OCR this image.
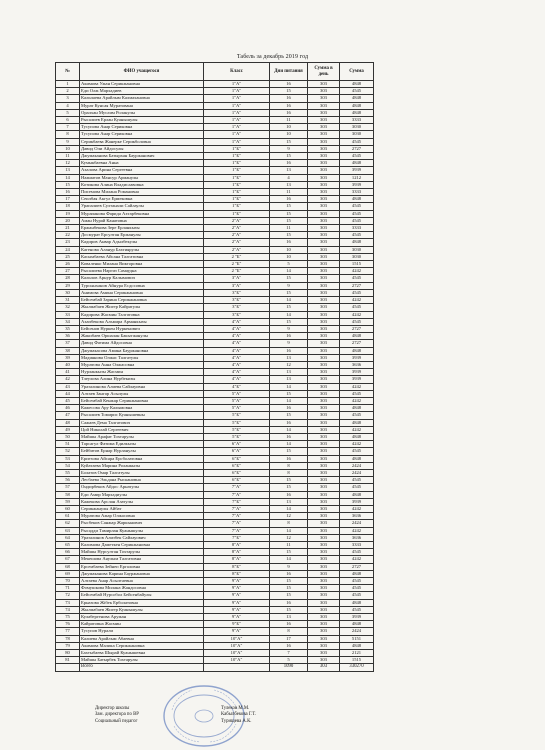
Табель за декабрь 2019 год
№	ФИО учащегося	Класс	Дни питания	Сумма в день	Сумма
1	Акимова Ужан Серикжановна	1"А"	16	303	4848
2	Еди Олж Мархадиев	1"А"	15	303	4545
3	Кальпаева Арайлым Калмахановна	1"А"	16	303	4848
4	Мурат Кунсая Муратована	1"А"	16	303	4848
5	Оралхан Муслим Роланулы	1"А"	16	303	4848
6	Рысалиев Ерлан Куанышулы	1"А"	11	303	3333
7	Тусупова Анар Сериковна	1"А"	10	303	3030
8	Тусупова Анар Сериковна	1"А"	10	303	3030
9	Серикбаева Жанерке Серикболовна	1"А"	15	303	4545
10	Давид Оли Айдосулы	1"Б"	9	303	2727
11	Джумаканова Батырхан Бауржанович	1"Б"	15	303	4545
12	Кумыкбаевна Анна	1"Б"	16	303	4848
13	Ахалова Арина Сергеевна	1"Б"	13	303	3939
14	Нажиатов Мансур Арманулы	1"Б"	4	303	1212
15	Котикова Алина Владиславовна	1"Б"	13	303	3939
16	Писемова Милана Романовна	1"Б"	11	303	3333
17	Сеилбая Акгул Ермековна	1"Б"	16	303	4848
18	Урапалиев Султанали Сайлаулы	1"Б"	15	303	4545
19	Мурапанова Фарида Ахтарбековна	1"Б"	15	303	4545
20	Аман Нурай Канатовна	2"А"	15	303	4545
21	Ержанбекова Зере Ерланкызы	2"А"	11	303	3333
22	Досмурат Ерсултан Ержанулы	2"А"	15	303	4545
23	Кадиров Анвар Адылбекулы	2"А"	16	303	4848
24	Кагенова Аланур Бахтиярулы	2"А"	10	303	3030
25	Касымбаева Айсана Талгатовна	2 "Б"	10	303	3030
26	Коваленко Милана Викторовна	2 "Б"	5	303	1515
27	Рысалиева Наргиз Самаудна	2 "Б"	14	303	4242
28	Кальпов Арнур Калымович	3"А"	15	303	4545
29	Турсынханов Айнура Есдосовна	3"А"	9	303	2727
30	Анимова Амина Серикжановна	3"Б"	15	303	4545
31	Бейсембай Зарина Серикжановна	3"Б"	14	303	4242
32	Жылмабаев Жигер Кайратулы	3"Б"	15	303	4545
33	Кадирова Жасмин Талгатовна	3"Б"	14	303	4242
34	Ахапбекова Альмира Арманкызы	4"А"	15	303	4545
35	Бейсенов Нуркен Нуркенович	4"А"	9	303	2727
36	Жакибаев Оршалан Бакытжанулы	4"А"	16	303	4848
37	Давид Фатима Айдосовна	4"А"	9	303	2727
38	Джумакасова Амина Бауржановна	4"А"	16	303	4848
39	Мадиянова Олжас Талгатулы	4"А"	13	303	3939
40	Муратова Анна Олжасовна	4"А"	12	303	3636
41	Нурланкызы Жасмин	4"А"	13	303	3939
42	Тлеулова Алина Нурбекизы	4"А"	13	303	3939
43	Уразалинова Алиева Сайлауовна	4"Б"	14	303	4242
44	Алтаев Зангар Асылулы	5"А"	15	303	4545
45	Бейсембай Кенжар Серикжановна	5"А"	14	303	4242
46	Кажесова Ару Калымовна	5"А"	16	303	4848
47	Рысалиев Томирис Куанышевны	5"Б"	15	303	4545
48	Сажаев Дема Талгатович	5"Б"	16	303	4848
49	Цой Николай Сергеевич	5"Б"	14	303	4242
50	Майшы Арафат Тохтарулы	5"Б"	16	303	4848
51	Тарсагул Фатима Едилкызы	6"А"	14	303	4242
52	Бейбитов Ернар Нурланулы	6"А"	15	303	4545
53	Ерпезова Айсара Ерсболатовна	6"Б"	16	303	4848
54	Куйатаева Марина Роланкызы	6"Б"	8	303	2424
55	Болатов Омар Талгатулы	6"Б"	8	303	2424
56	Лесбаева Эльдана Рыскановна	6"Б"	15	303	4545
57	Ондирбеков Айдос Арнатулы	7"А"	15	303	4545
58	Еди Амир Мархадиулы	7"А"	16	303	4848
59	Кажекова Арслан Азатулы	7"Б"	13	303	3939
60	Серикжанулы Айбат	7"А"	14	303	4242
61	Муратова Ажар Олжасовна	7"А"	12	303	3636
62	Рысбеков Санжар Жаркынович	7"А"	8	303	2424
63	Рысадди Тамирлан Куанышулы	7"А"	14	303	4242
64	Уразалинов Ализбек Сайлауович	7"Б"	12	303	3636
65	Калимова Даметкен Серикжановна	8"А"	11	303	3333
66	Майшы Нурсултан Тохтарулы	8"А"	15	303	4545
67	Мекешова Аяулым Талгатовна	8"А"	14	303	4242
68	Ерсембаева Зейнеп Ергаловна	8"Б"	9	303	2727
69	Джумаканова Карина Бауржановна	8"Б"	16	303	4848
70	Алтаева Анар Асылтаевна	9"А"	15	303	4545
71	Фомушкова Милана Жандосовна	9"А"	15	303	4545
72	Бейсембай Нурсобол Бейсенбайулы	9"А"	15	303	4545
73	Ерназова Жібек Ерболатовна	9"А"	16	303	4848
74	Жылмабаев Жигер Куанышулы	9"А"	15	303	4545
75	Кулабергенова Аружан	9"А"	13	303	3939
76	Кайратовна Жасмин	9"Б"	16	303	4848
77	Тусупов Нурали	9"А"	8	303	2424
78	Калиева Арайлым Абаевна	10"А"	17	303	5151
79	Акимова Малика Серикжановна	10"А"	16	303	4848
80	Бахтыбаева Шырай Куанышевна	10"А"	7	303	2121
81	Майшы Батырбек Тохтарулы	10"А"	5	303	1515
	Всего		1090	303	330270
Директор школы	Тулеков М.М.
Зам. директора по ВР	Кабылбекова Г.Т.
Социальный педагог	Турищева А.К.
